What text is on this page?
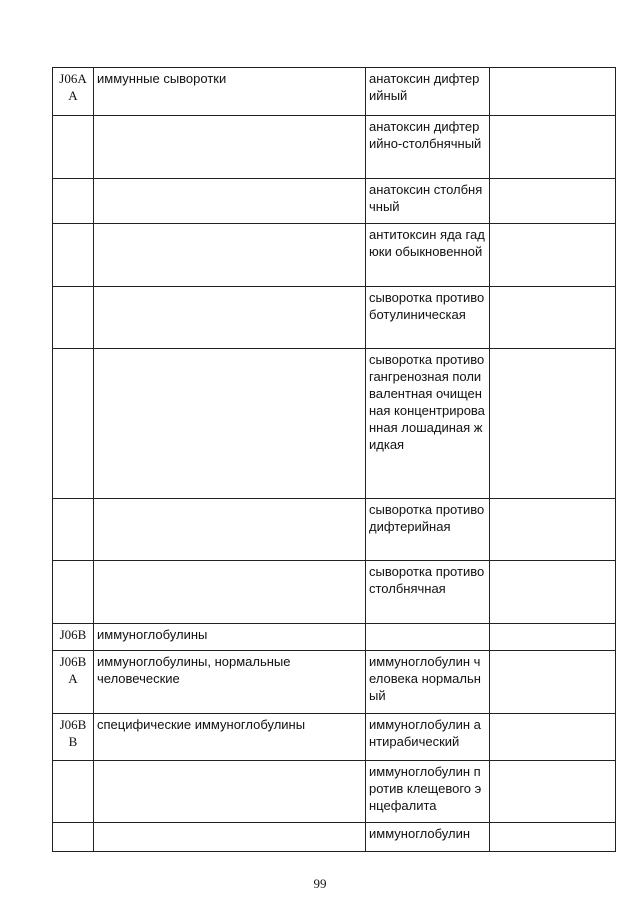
J06A A	иммунные сыворотки	анатоксин дифтерийный	
		анатоксин дифтерийно-столбнячный	
		анатоксин столбнячный	
		антитоксин яда гадюки обыкновенной	
		сыворотка противоботулиническая	
		сыворотка противогангренозная поливалентная очищенная концентрированная лошадиная жидкая	
		сыворотка противодифтерийная	
		сыворотка противостолбнячная	
J06B	иммуноглобулины		
J06B A	иммуноглобулины, нормальные человеческие	иммуноглобулин человека нормальный	
J06B B	специфические иммуноглобулины	иммуноглобулин антирабический	
		иммуноглобулин против клещевого энцефалита	
		иммуноглобулин	
99
